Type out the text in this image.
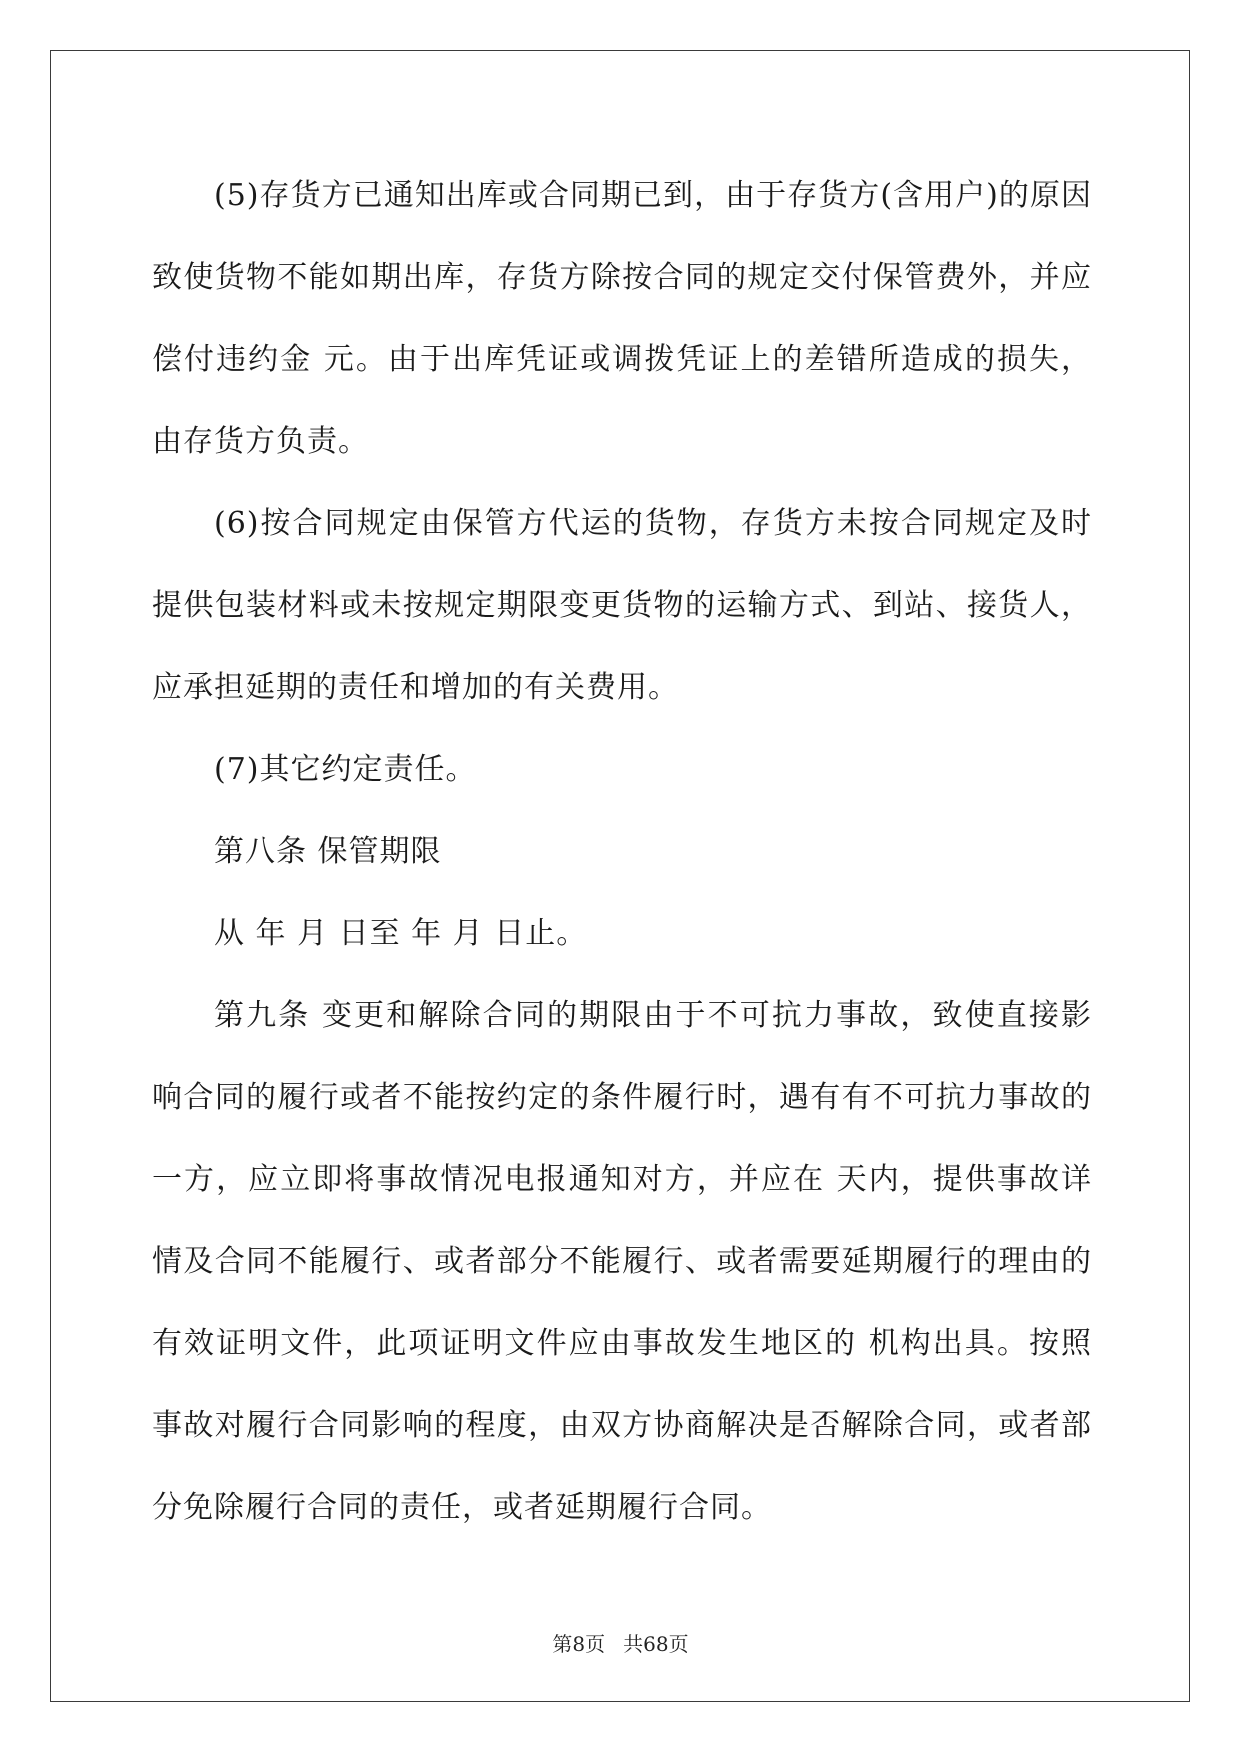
(5)存货方已通知出库或合同期已到，由于存货方(含用户)的原因致使货物不能如期出库，存货方除按合同的规定交付保管费外，并应偿付违约金 元。由于出库凭证或调拨凭证上的差错所造成的损失，由存货方负责。

(6)按合同规定由保管方代运的货物，存货方未按合同规定及时提供包装材料或未按规定期限变更货物的运输方式、到站、接货人，应承担延期的责任和增加的有关费用。

(7)其它约定责任。

第八条 保管期限

从 年 月 日至 年 月 日止。

第九条 变更和解除合同的期限由于不可抗力事故，致使直接影响合同的履行或者不能按约定的条件履行时，遇有有不可抗力事故的一方，应立即将事故情况电报通知对方，并应在 天内，提供事故详情及合同不能履行、或者部分不能履行、或者需要延期履行的理由的有效证明文件，此项证明文件应由事故发生地区的 机构出具。按照事故对履行合同影响的程度，由双方协商解决是否解除合同，或者部分免除履行合同的责任，或者延期履行合同。

第8页 共68页
